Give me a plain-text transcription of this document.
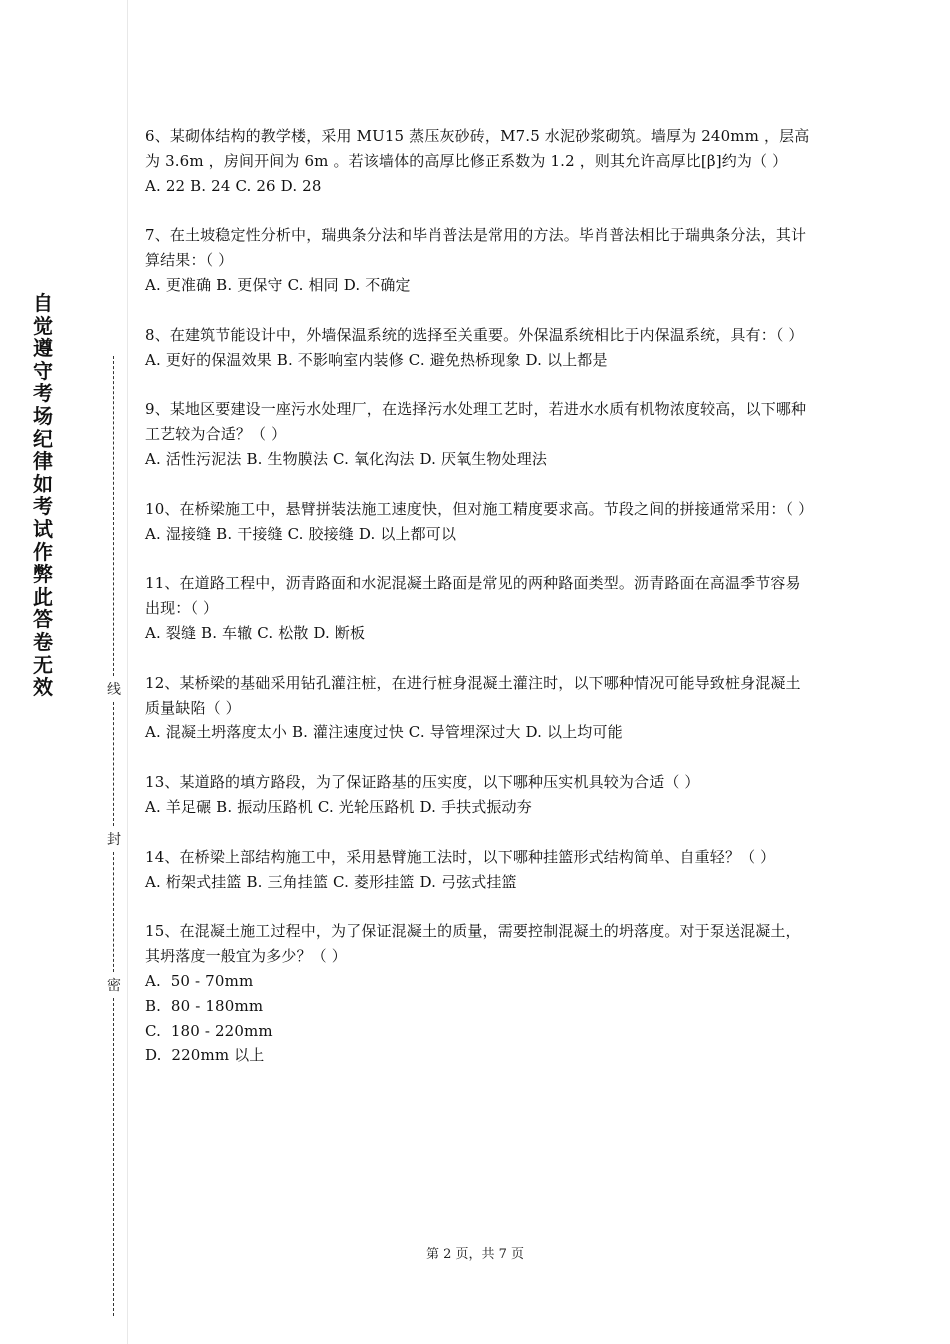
自
觉
遵
守
考
场
纪
律
如
考
试
作
弊
此
答
卷
无
效	线
封
密

6、某砌体结构的教学楼，采用 MU15 蒸压灰砂砖，M7.5 水泥砂浆砌筑。墙厚为 240mm ，层高为 3.6m ，房间开间为 6m 。若该墙体的高厚比修正系数为 1.2 ，则其允许高厚比[β]约为（ ）

A. 22 B. 24 C. 26 D. 28

7、在土坡稳定性分析中，瑞典条分法和毕肖普法是常用的方法。毕肖普法相比于瑞典条分法，其计算结果：（ ）

A. 更准确 B. 更保守 C. 相同 D. 不确定

8、在建筑节能设计中，外墙保温系统的选择至关重要。外保温系统相比于内保温系统，具有：（ ）

A. 更好的保温效果 B. 不影响室内装修 C. 避免热桥现象 D. 以上都是

9、某地区要建设一座污水处理厂，在选择污水处理工艺时，若进水水质有机物浓度较高，以下哪种工艺较为合适？（ ）

A. 活性污泥法 B. 生物膜法 C. 氧化沟法 D. 厌氧生物处理法

10、在桥梁施工中，悬臂拼装法施工速度快，但对施工精度要求高。节段之间的拼接通常采用：（ ）

A. 湿接缝 B. 干接缝 C. 胶接缝 D. 以上都可以

11、在道路工程中，沥青路面和水泥混凝土路面是常见的两种路面类型。沥青路面在高温季节容易出现：（ ）

A. 裂缝 B. 车辙 C. 松散 D. 断板

12、某桥梁的基础采用钻孔灌注桩，在进行桩身混凝土灌注时，以下哪种情况可能导致桩身混凝土质量缺陷（ ）

A. 混凝土坍落度太小 B. 灌注速度过快 C. 导管埋深过大 D. 以上均可能

13、某道路的填方路段，为了保证路基的压实度，以下哪种压实机具较为合适（ ）

A. 羊足碾 B. 振动压路机 C. 光轮压路机 D. 手扶式振动夯

14、在桥梁上部结构施工中，采用悬臂施工法时，以下哪种挂篮形式结构简单、自重轻？（ ）

A. 桁架式挂篮 B. 三角挂篮 C. 菱形挂篮 D. 弓弦式挂篮

15、在混凝土施工过程中，为了保证混凝土的质量，需要控制混凝土的坍落度。对于泵送混凝土，其坍落度一般宜为多少？（ ）

A.  50 - 70mm

B.  80 - 180mm

C.  180 - 220mm

D.  220mm 以上

第 2 页，共 7 页
